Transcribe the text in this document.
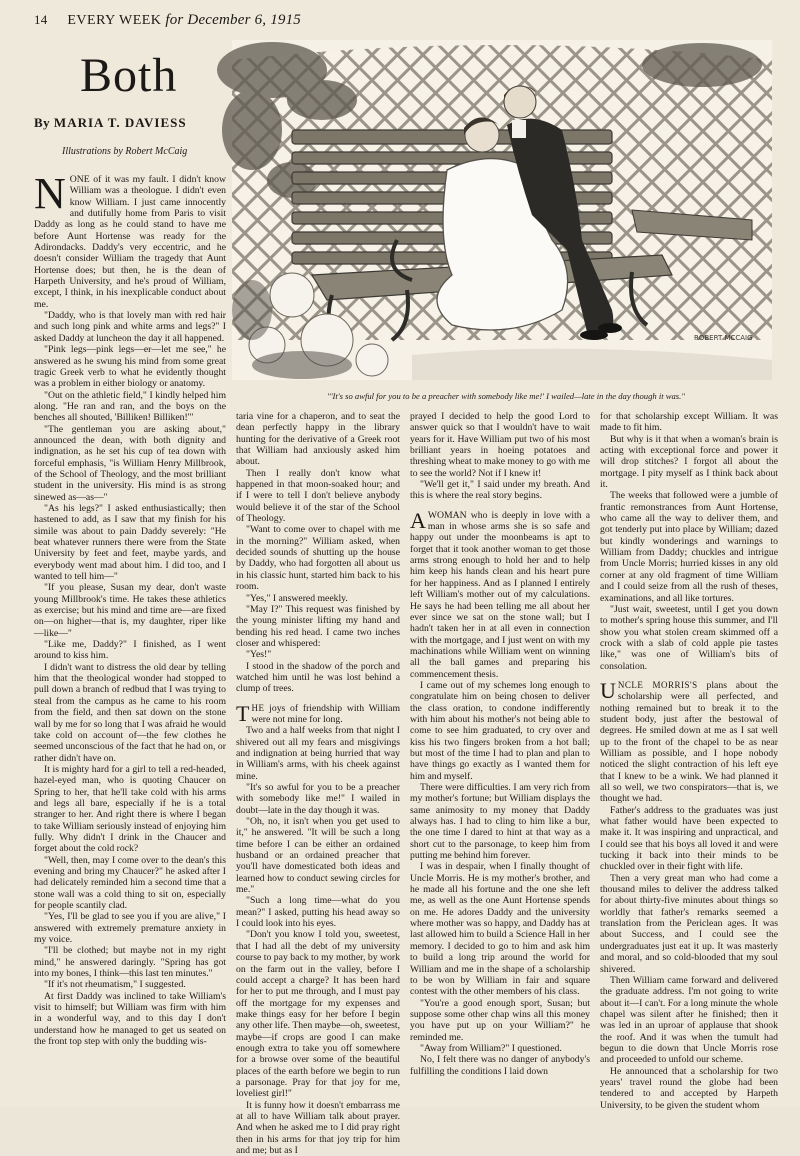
14 EVERY WEEK for December 6, 1915
Both
By MARIA T. DAVIESS
Illustrations by Robert McCaig
ROBERT MCCAIG
"'It's so awful for you to be a preacher with somebody like me!' I wailed—late in the day though it was."

NONE of it was my fault. I didn't know William was a theologue. I didn't even know William. I just came innocently and dutifully home from Paris to visit Daddy as long as he could stand to have me before Aunt Hortense was ready for the Adirondacks. Daddy's very eccentric, and he doesn't consider William the tragedy that Aunt Hortense does; but then, he is the dean of Harpeth University, and he's proud of William, except, I think, in his inexplicable conduct about me.

"Daddy, who is that lovely man with red hair and such long pink and white arms and legs?" I asked Daddy at luncheon the day it all happened.

"Pink legs—pink legs—er—let me see," he answered as he swung his mind from some great tragic Greek verb to what he evidently thought was a problem in either biology or anatomy.

"Out on the athletic field," I kindly helped him along. "He ran and ran, and the boys on the benches all shouted, 'Billiken! Billiken!'"

"The gentleman you are asking about," announced the dean, with both dignity and indignation, as he set his cup of tea down with forceful emphasis, "is William Henry Millbrook, of the School of Theology, and the most brilliant student in the university. His mind is as strong sinewed as—as—"

"As his legs?" I asked enthusiastically; then hastened to add, as I saw that my finish for his simile was about to pain Daddy severely: "He beat whatever runners there were from the State University by feet and feet, maybe yards, and everybody went mad about him. I did too, and I wanted to tell him—"

"If you please, Susan my dear, don't waste young Millbrook's time. He takes these athletics as exercise; but his mind and time are—are fixed on—on higher—that is, my daughter, riper like—like—"

"Like me, Daddy?" I finished, as I went around to kiss him.

I didn't want to distress the old dear by telling him that the theological wonder had stopped to pull down a branch of redbud that I was trying to steal from the campus as he came to his room from the field, and then sat down on the stone wall by me for so long that I was afraid he would take cold on account of—the few clothes he seemed unconscious of the fact that he had on, or rather didn't have on.

It is mighty hard for a girl to tell a red-headed, hazel-eyed man, who is quoting Chaucer on Spring to her, that he'll take cold with his arms and legs all bare, especially if he is a total stranger to her. And right there is where I began to take William seriously instead of enjoying him fully. Why didn't I drink in the Chaucer and forget about the cold rock?

"Well, then, may I come over to the dean's this evening and bring my Chaucer?" he asked after I had delicately reminded him a second time that a stone wall was a cold thing to sit on, especially for people scantily clad.

"Yes, I'll be glad to see you if you are alive," I answered with extremely premature anxiety in my voice.

"I'll be clothed; but maybe not in my right mind," he answered daringly. "Spring has got into my bones, I think—this last ten minutes."

"If it's not rheumatism," I suggested.

At first Daddy was inclined to take William's visit to himself; but William was firm with him in a wonderful way, and to this day I don't understand how he managed to get us seated on the front top step with only the budding wis-

taria vine for a chaperon, and to seat the dean perfectly happy in the library hunting for the derivative of a Greek root that William had anxiously asked him about.

Then I really don't know what happened in that moon-soaked hour; and if I were to tell I don't believe anybody would believe it of the star of the School of Theology.

"Want to come over to chapel with me in the morning?" William asked, when decided sounds of shutting up the house by Daddy, who had forgotten all about us in his classic hunt, started him back to his room.

"Yes," I answered meekly.

"May I?" This request was finished by the young minister lifting my hand and bending his red head. I came two inches closer and whispered:

"Yes!"

I stood in the shadow of the porch and watched him until he was lost behind a clump of trees.

THE joys of friendship with William were not mine for long.

Two and a half weeks from that night I shivered out all my fears and misgivings and indignation at being hurried that way in William's arms, with his cheek against mine.

"It's so awful for you to be a preacher with somebody like me!" I wailed in doubt—late in the day though it was.

"Oh, no, it isn't when you get used to it," he answered. "It will be such a long time before I can be either an ordained husband or an ordained preacher that you'll have domesticated both ideas and learned how to conduct sewing circles for me."

"Such a long time—what do you mean?" I asked, putting his head away so I could look into his eyes.

"Don't you know I told you, sweetest, that I had all the debt of my university course to pay back to my mother, by work on the farm out in the valley, before I could accept a charge? It has been hard for her to put me through, and I must pay off the mortgage for my expenses and make things easy for her before I begin any other life. Then maybe—oh, sweetest, maybe—if crops are good I can make enough extra to take you off somewhere for a browse over some of the beautiful places of the earth before we begin to run a parsonage. Pray for that joy for me, loveliest girl!"

It is funny how it doesn't embarrass me at all to have William talk about prayer. And when he asked me to I did pray right then in his arms for that joy trip for him and me; but as I

prayed I decided to help the good Lord to answer quick so that I wouldn't have to wait years for it. Have William put two of his most brilliant years in hoeing potatoes and threshing wheat to make money to go with me to see the world? Not if I knew it!

"We'll get it," I said under my breath. And this is where the real story begins.

A WOMAN who is deeply in love with a man in whose arms she is so safe and happy out under the moonbeams is apt to forget that it took another woman to get those arms strong enough to hold her and to help him keep his hands clean and his heart pure for her happiness. And as I planned I entirely left William's mother out of my calculations. He says he had been telling me all about her ever since we sat on the stone wall; but I hadn't taken her in at all even in connection with the mortgage, and I just went on with my machinations while William went on winning all the ball games and preparing his commencement thesis.

I came out of my schemes long enough to congratulate him on being chosen to deliver the class oration, to condone indifferently with him about his mother's not being able to come to see him graduated, to cry over and kiss his two fingers broken from a hot ball; but most of the time I had to plan and plan to have things go exactly as I wanted them for him and myself.

There were difficulties. I am very rich from my mother's fortune; but William displays the same animosity to my money that Daddy always has. I had to cling to him like a bur, the one time I dared to hint at that way as a short cut to the parsonage, to keep him from putting me behind him forever.

I was in despair, when I finally thought of Uncle Morris. He is my mother's brother, and he made all his fortune and the one she left me, as well as the one Aunt Hortense spends on me. He adores Daddy and the university where mother was so happy, and Daddy has at last allowed him to build a Science Hall in her memory. I decided to go to him and ask him to build a long trip around the world for William and me in the shape of a scholarship to be won by William in fair and square contest with the other members of his class.

"You're a good enough sport, Susan; but suppose some other chap wins all this money you have put up on your William?" he reminded me.

"Away from William?" I questioned.

No, I felt there was no danger of anybody's fulfilling the conditions I laid down

for that scholarship except William. It was made to fit him.

But why is it that when a woman's brain is acting with exceptional force and power it will drop stitches? I forgot all about the mortgage. I pity myself as I think back about it.

The weeks that followed were a jumble of frantic remonstrances from Aunt Hortense, who came all the way to deliver them, and got tenderly put into place by William; dazed but kindly wonderings and warnings to William from Daddy; chuckles and intrigue from Uncle Morris; hurried kisses in any old corner at any old fragment of time William and I could seize from all the rush of theses, examinations, and all like tortures.

"Just wait, sweetest, until I get you down to mother's spring house this summer, and I'll show you what stolen cream skimmed off a crock with a slab of cold apple pie tastes like," was one of William's bits of consolation.

UNCLE MORRIS'S plans about the scholarship were all perfected, and nothing remained but to break it to the student body, just after the bestowal of degrees. He smiled down at me as I sat well up to the front of the chapel to be as near William as possible, and I hope nobody noticed the slight contraction of his left eye that I knew to be a wink. We had planned it all so well, we two conspirators—that is, we thought we had.

Father's address to the graduates was just what father would have been expected to make it. It was inspiring and unpractical, and I could see that his boys all loved it and were tucking it back into their minds to be chuckled over in their fight with life.

Then a very great man who had come a thousand miles to deliver the address talked for about thirty-five minutes about things so worldly that father's remarks seemed a translation from the Periclean ages. It was about Success, and I could see the undergraduates just eat it up. It was masterly and moral, and so cold-blooded that my soul shivered.

Then William came forward and delivered the graduate address. I'm not going to write about it—I can't. For a long minute the whole chapel was silent after he finished; then it was led in an uproar of applause that shook the roof. And it was when the tumult had begun to die down that Uncle Morris rose and proceeded to unfold our scheme.

He announced that a scholarship for two years' travel round the globe had been tendered to and accepted by Harpeth University, to be given the student whom
